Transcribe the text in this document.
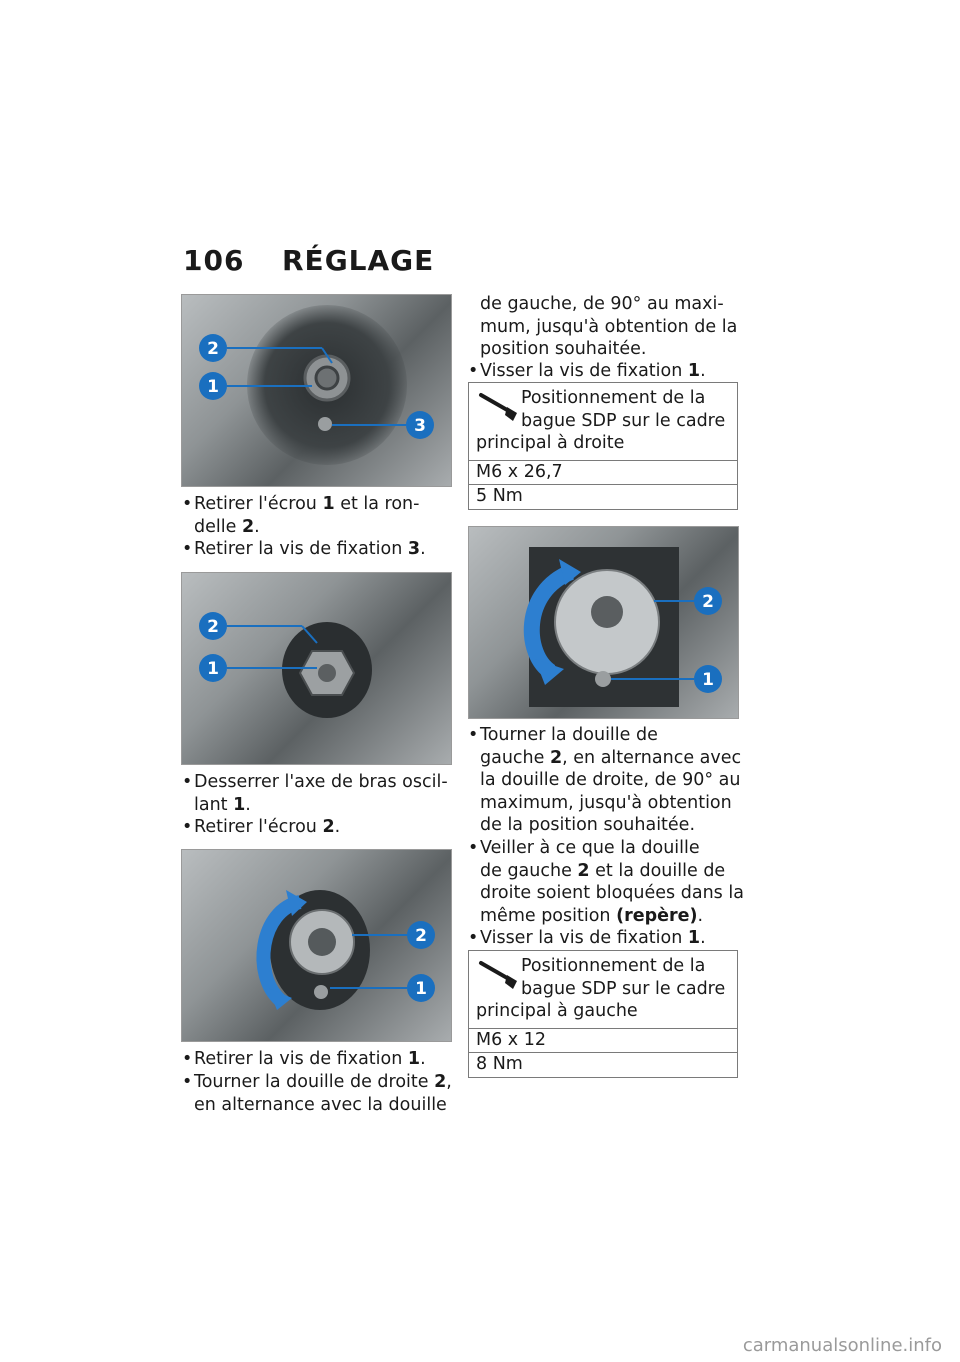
106 RÉGLAGE
2
1
3
• Retirer l'écrou 1 et la ron-
delle 2.
• Retirer la vis de fixation 3.
2
1
• Desserrer l'axe de bras oscil-
lant 1.
• Retirer l'écrou 2.
2
1
• Retirer la vis de fixation 1.
• Tourner la douille de droite 2,
en alternance avec la douille
de gauche, de 90° au maxi-
mum, jusqu'à obtention de la
position souhaitée.
• Visser la vis de fixation 1.
Positionnement de la
bague SDP sur le cadre
principal à droite
M6 x 26,7
5 Nm
2
1
• Tourner la douille de
gauche 2, en alternance avec
la douille de droite, de 90° au
maximum, jusqu'à obtention
de la position souhaitée.
• Veiller à ce que la douille
de gauche 2 et la douille de
droite soient bloquées dans la
même position (repère).
• Visser la vis de fixation 1.
Positionnement de la
bague SDP sur le cadre
principal à gauche
M6 x 12
8 Nm
carmanualsonline.info
